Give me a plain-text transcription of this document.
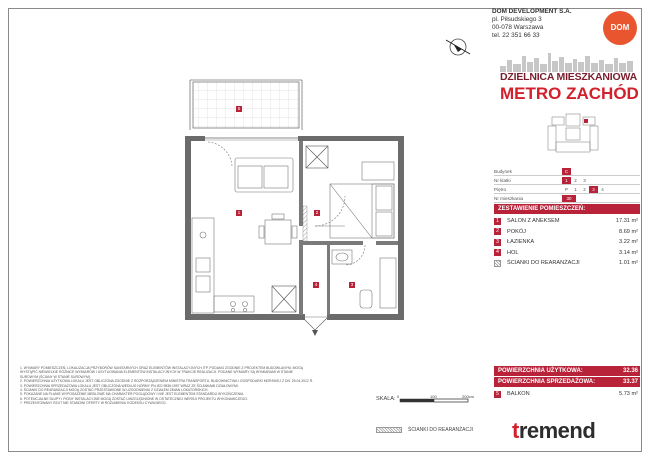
5
1	2
4	3
DOM DEVELOPMENT S.A.
pl. Piłsudskiego 3
00-078 Warszawa
tel. 22 351 66 33
DOM
DZIELNICA MIESZKANIOWA
METRO ZACHÓD
Budynek	C
Nr klatki	1	2	3
Piętro	P	1	2	3	4
Nr mieszkania	30
ZESTAWIENIE POMIESZCZEŃ:
1	SALON Z ANEKSEM	17.31 m²
2	POKÓJ	8.69 m²
3	ŁAZIENKA	3.22 m²
4	HOL	3.14 m²
ŚCIANKI DO REARANŻACJI	1.01 m²
POWIERZCHNIA UŻYTKOWA:	32.36
POWIERZCHNIA SPRZEDAŻOWA:	33.37
5	BALKON	5.73 m²
1. WYMIARY POMIESZCZEŃ, LOKALIZACJA PRZYBORÓW SANITARNYCH ORAZ ELEMENTÓW INSTALACYJNYCH ITP. PODANO ZGODNIE Z PROJEKTEM BUDOWLANYM. MOGĄ
WYSTĄPIĆ NIEWIELKIE RÓŻNICE WYMIARÓW I USYTUOWANIA ELEMENTÓW INSTALACYJNYCH W TRAKCIE REALIZACJI. PODANE WYMIARY SĄ WYMIARAMI W STANIE
SUROWYM (ŚCIANY W STANIE SUROWYM).
2. POWIERZCHNIA UŻYTKOWA LOKALU JEST OBLICZONA ZGODNIE Z ROZPORZĄDZENIEM MINISTRA TRANSPORTU, BUDOWNICTWA I GOSPODARKI MORSKIEJ Z DN. 25.04.2012 R.
3. POWIERZCHNIA SPRZEDAŻOWA LOKALU JEST OBLICZONA WEDŁUG NORMY PN-ISO 9836:1997 WRAZ ZE ŚCIANKAMI DZIAŁOWYMI.
4. ŚCIANKI DO REARANŻACJI MOGĄ ZOSTAĆ PRZESTAWIONE W UZGODNIENIU Z DZIAŁEM ZMIAN LOKATORSKICH.
5. POKAZANE NA PLANIE WYPOSAŻENIE MEBLOWE MA CHARAKTER POGLĄDOWY I NIE JEST ELEMENTEM STANDARDU WYKOŃCZENIA.
6. POTENCJALNE SŁUPY I PIONY INSTALACYJNE MOGĄ ZOSTAĆ UWZGLĘDNIONE W OSTATECZNEJ WERSJI PROJEKTU WYKONAWCZEGO.
7. PREZENTOWANY RZUT NIE STANOWI OFERTY W ROZUMIENIU KODEKSU CYWILNEGO.
SKALA: 0	100	200cm
ŚCIANKI DO REARANŻACJI tremend
